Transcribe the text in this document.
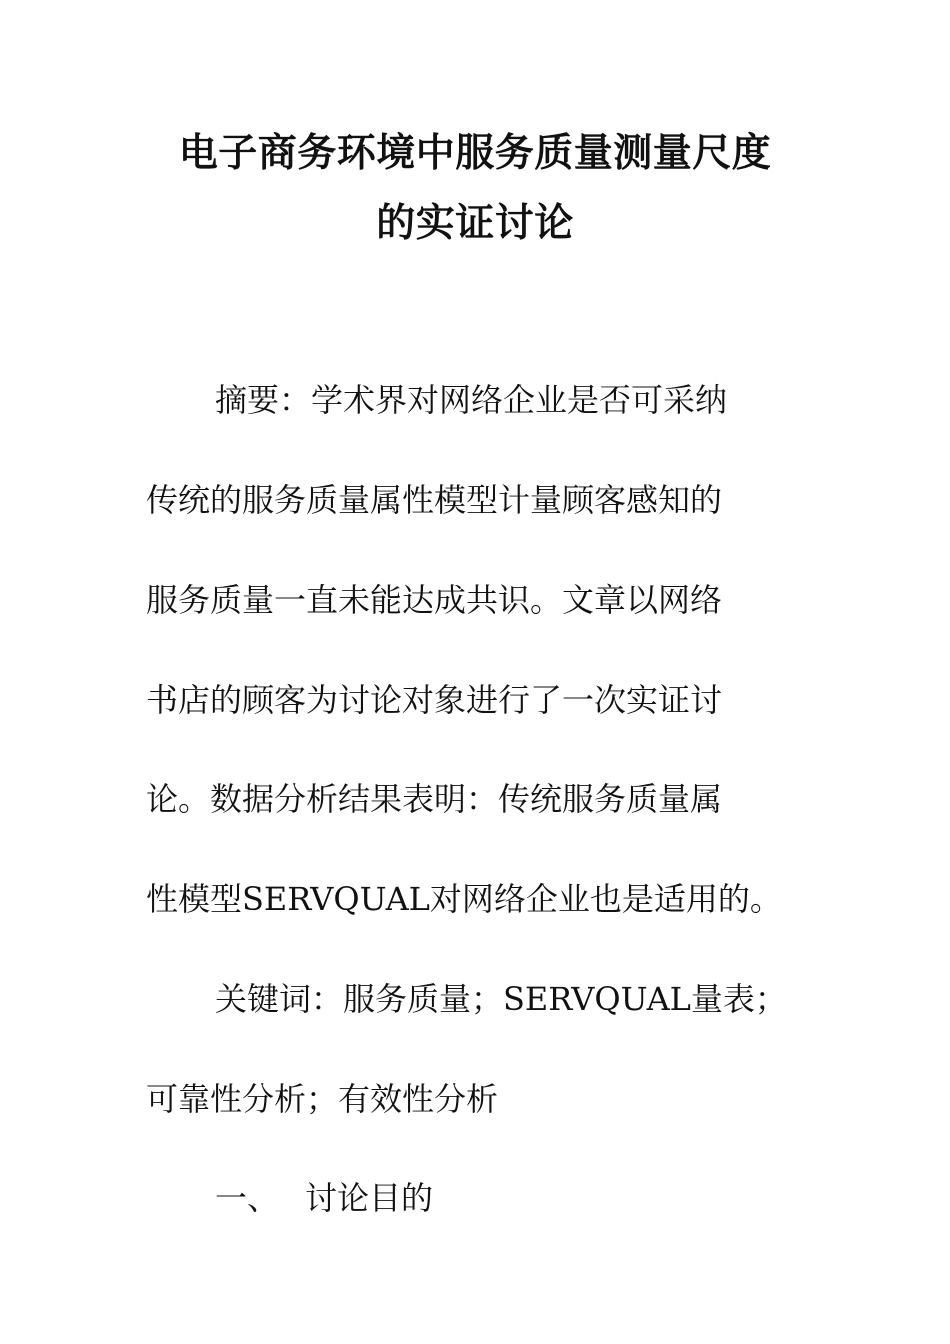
电子商务环境中服务质量测量尺度
的实证讨论

摘要：学术界对网络企业是否可采纳

传统的服务质量属性模型计量顾客感知的

服务质量一直未能达成共识。文章以网络

书店的顾客为讨论对象进行了一次实证讨

论。数据分析结果表明：传统服务质量属

性模型SERVQUAL对网络企业也是适用的。

关键词：服务质量；SERVQUAL量表；

可靠性分析；有效性分析

一、 讨论目的
